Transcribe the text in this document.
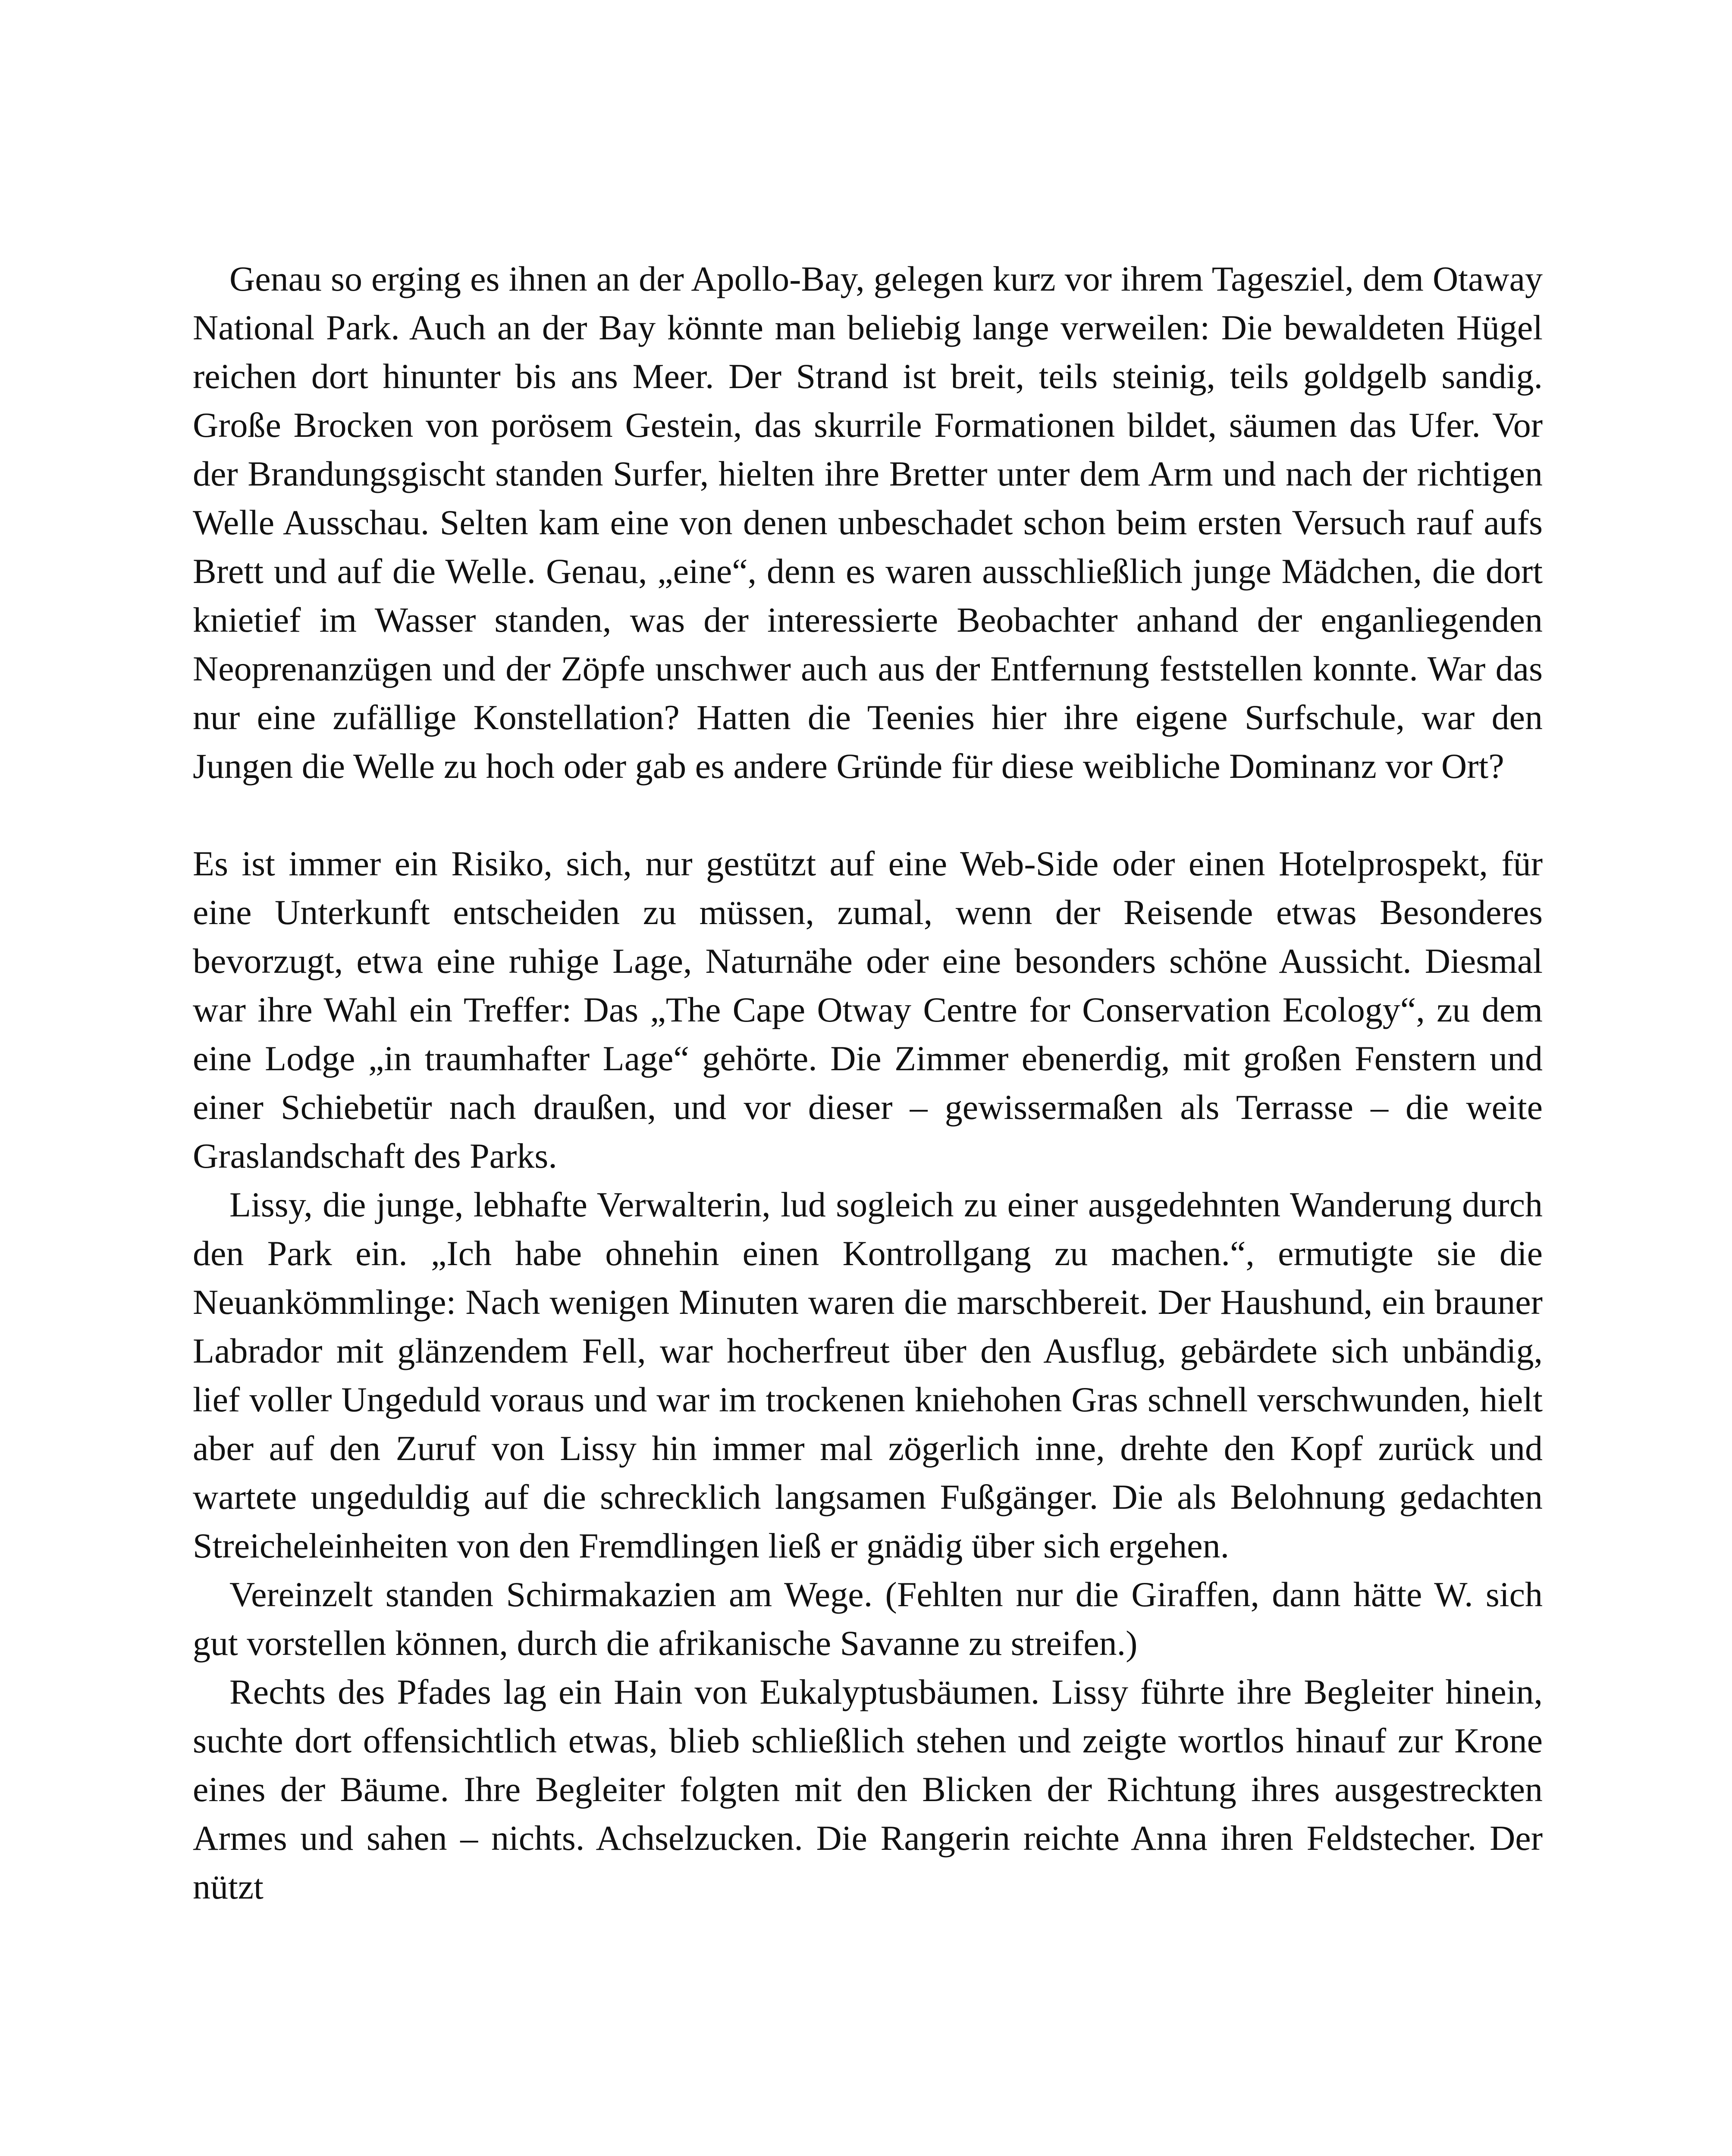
Genau so erging es ihnen an der Apollo-Bay, gelegen kurz vor ihrem Tagesziel, dem Otaway National Park. Auch an der Bay könnte man beliebig lange verweilen: Die bewaldeten Hügel reichen dort hinunter bis ans Meer. Der Strand ist breit, teils steinig, teils goldgelb sandig. Große Brocken von porösem Gestein, das skurrile Formationen bildet, säumen das Ufer. Vor der Brandungsgischt standen Surfer, hielten ihre Bretter unter dem Arm und nach der richtigen Welle Ausschau. Selten kam eine von denen unbeschadet schon beim ersten Versuch rauf aufs Brett und auf die Welle. Genau, „eine“, denn es waren ausschließlich junge Mädchen, die dort knietief im Wasser standen, was der interessierte Beobachter anhand der enganliegenden Neoprenanzügen und der Zöpfe unschwer auch aus der Entfernung feststellen konnte. War das nur eine zufällige Konstellation? Hatten die Teenies hier ihre eigene Surfschule, war den Jungen die Welle zu hoch oder gab es andere Gründe für diese weibliche Dominanz vor Ort?

Es ist immer ein Risiko, sich, nur gestützt auf eine Web-Side oder einen Hotelprospekt, für eine Unterkunft entscheiden zu müssen, zumal, wenn der Reisende etwas Besonderes bevorzugt, etwa eine ruhige Lage, Naturnähe oder eine besonders schöne Aussicht. Diesmal war ihre Wahl ein Treffer: Das „The Cape Otway Centre for Conservation Ecology“, zu dem eine Lodge „in traumhafter Lage“ gehörte. Die Zimmer ebenerdig, mit großen Fenstern und einer Schiebetür nach draußen, und vor dieser – gewissermaßen als Terrasse – die weite Graslandschaft des Parks.

Lissy, die junge, lebhafte Verwalterin, lud sogleich zu einer ausgedehnten Wanderung durch den Park ein. „Ich habe ohnehin einen Kontrollgang zu machen.“, ermutigte sie die Neuankömmlinge: Nach wenigen Minuten waren die marschbereit. Der Haushund, ein brauner Labrador mit glänzendem Fell, war hocherfreut über den Ausflug, gebärdete sich unbändig, lief voller Ungeduld voraus und war im trockenen kniehohen Gras schnell verschwunden, hielt aber auf den Zuruf von Lissy hin immer mal zögerlich inne, drehte den Kopf zurück und wartete ungeduldig auf die schrecklich langsamen Fußgänger. Die als Belohnung gedachten Streicheleinheiten von den Fremdlingen ließ er gnädig über sich ergehen.

Vereinzelt standen Schirmakazien am Wege. (Fehlten nur die Giraffen, dann hätte W. sich gut vorstellen können, durch die afrikanische Savanne zu streifen.)

Rechts des Pfades lag ein Hain von Eukalyptusbäumen. Lissy führte ihre Begleiter hinein, suchte dort offensichtlich etwas, blieb schließlich stehen und zeigte wortlos hinauf zur Krone eines der Bäume. Ihre Begleiter folgten mit den Blicken der Richtung ihres ausgestreckten Armes und sahen – nichts. Achselzucken. Die Rangerin reichte Anna ihren Feldstecher. Der nützt
